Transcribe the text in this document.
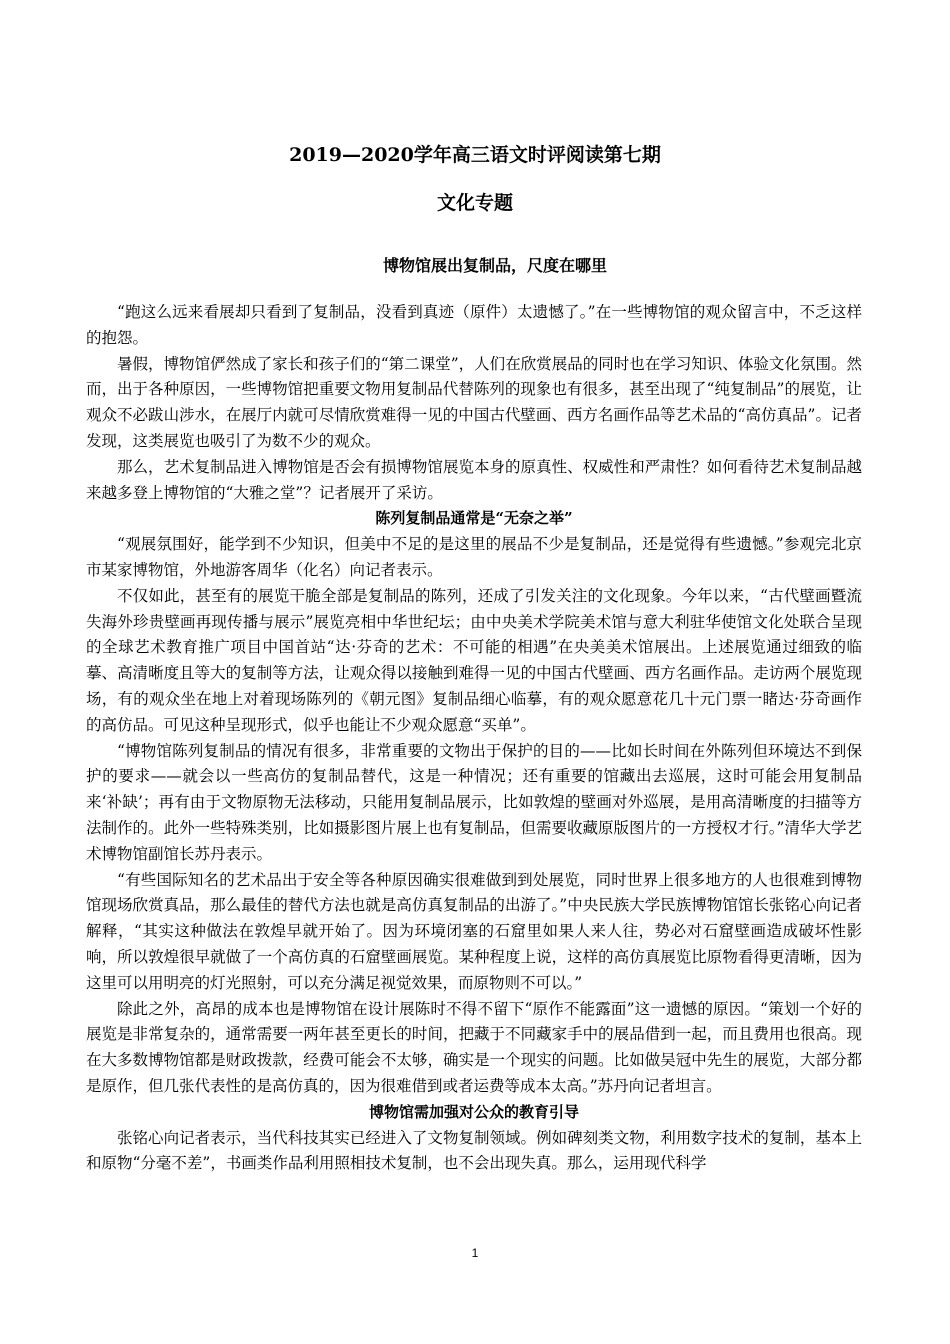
2019—2020学年高三语文时评阅读第七期
文化专题
博物馆展出复制品，尺度在哪里

“跑这么远来看展却只看到了复制品，没看到真迹（原件）太遗憾了。”在一些博物馆的观众留言中，不乏这样的抱怨。

暑假，博物馆俨然成了家长和孩子们的“第二课堂”，人们在欣赏展品的同时也在学习知识、体验文化氛围。然而，出于各种原因，一些博物馆把重要文物用复制品代替陈列的现象也有很多，甚至出现了“纯复制品”的展览，让观众不必跋山涉水，在展厅内就可尽情欣赏难得一见的中国古代壁画、西方名画作品等艺术品的“高仿真品”。记者发现，这类展览也吸引了为数不少的观众。

那么，艺术复制品进入博物馆是否会有损博物馆展览本身的原真性、权威性和严肃性？如何看待艺术复制品越来越多登上博物馆的“大雅之堂”？记者展开了采访。

陈列复制品通常是“无奈之举”

“观展氛围好，能学到不少知识，但美中不足的是这里的展品不少是复制品，还是觉得有些遗憾。”参观完北京市某家博物馆，外地游客周华（化名）向记者表示。

不仅如此，甚至有的展览干脆全部是复制品的陈列，还成了引发关注的文化现象。今年以来，“古代壁画暨流失海外珍贵壁画再现传播与展示”展览亮相中华世纪坛；由中央美术学院美术馆与意大利驻华使馆文化处联合呈现的全球艺术教育推广项目中国首站“达·芬奇的艺术：不可能的相遇”在央美美术馆展出。上述展览通过细致的临摹、高清晰度且等大的复制等方法，让观众得以接触到难得一见的中国古代壁画、西方名画作品。走访两个展览现场，有的观众坐在地上对着现场陈列的《朝元图》复制品细心临摹，有的观众愿意花几十元门票一睹达·芬奇画作的高仿品。可见这种呈现形式，似乎也能让不少观众愿意“买单”。

“博物馆陈列复制品的情况有很多，非常重要的文物出于保护的目的——比如长时间在外陈列但环境达不到保护的要求——就会以一些高仿的复制品替代，这是一种情况；还有重要的馆藏出去巡展，这时可能会用复制品来‘补缺’；再有由于文物原物无法移动，只能用复制品展示，比如敦煌的壁画对外巡展，是用高清晰度的扫描等方法制作的。此外一些特殊类别，比如摄影图片展上也有复制品，但需要收藏原版图片的一方授权才行。”清华大学艺术博物馆副馆长苏丹表示。

“有些国际知名的艺术品出于安全等各种原因确实很难做到到处展览，同时世界上很多地方的人也很难到博物馆现场欣赏真品，那么最佳的替代方法也就是高仿真复制品的出游了。”中央民族大学民族博物馆馆长张铭心向记者解释，“其实这种做法在敦煌早就开始了。因为环境闭塞的石窟里如果人来人往，势必对石窟壁画造成破坏性影响，所以敦煌很早就做了一个高仿真的石窟壁画展览。某种程度上说，这样的高仿真展览比原物看得更清晰，因为这里可以用明亮的灯光照射，可以充分满足视觉效果，而原物则不可以。”

除此之外，高昂的成本也是博物馆在设计展陈时不得不留下“原作不能露面”这一遗憾的原因。“策划一个好的展览是非常复杂的，通常需要一两年甚至更长的时间，把藏于不同藏家手中的展品借到一起，而且费用也很高。现在大多数博物馆都是财政拨款，经费可能会不太够，确实是一个现实的问题。比如做吴冠中先生的展览，大部分都是原作，但几张代表性的是高仿真的，因为很难借到或者运费等成本太高。”苏丹向记者坦言。

博物馆需加强对公众的教育引导

张铭心向记者表示，当代科技其实已经进入了文物复制领域。例如碑刻类文物，利用数字技术的复制，基本上和原物“分毫不差”，书画类作品利用照相技术复制，也不会出现失真。那么，运用现代科学

1
